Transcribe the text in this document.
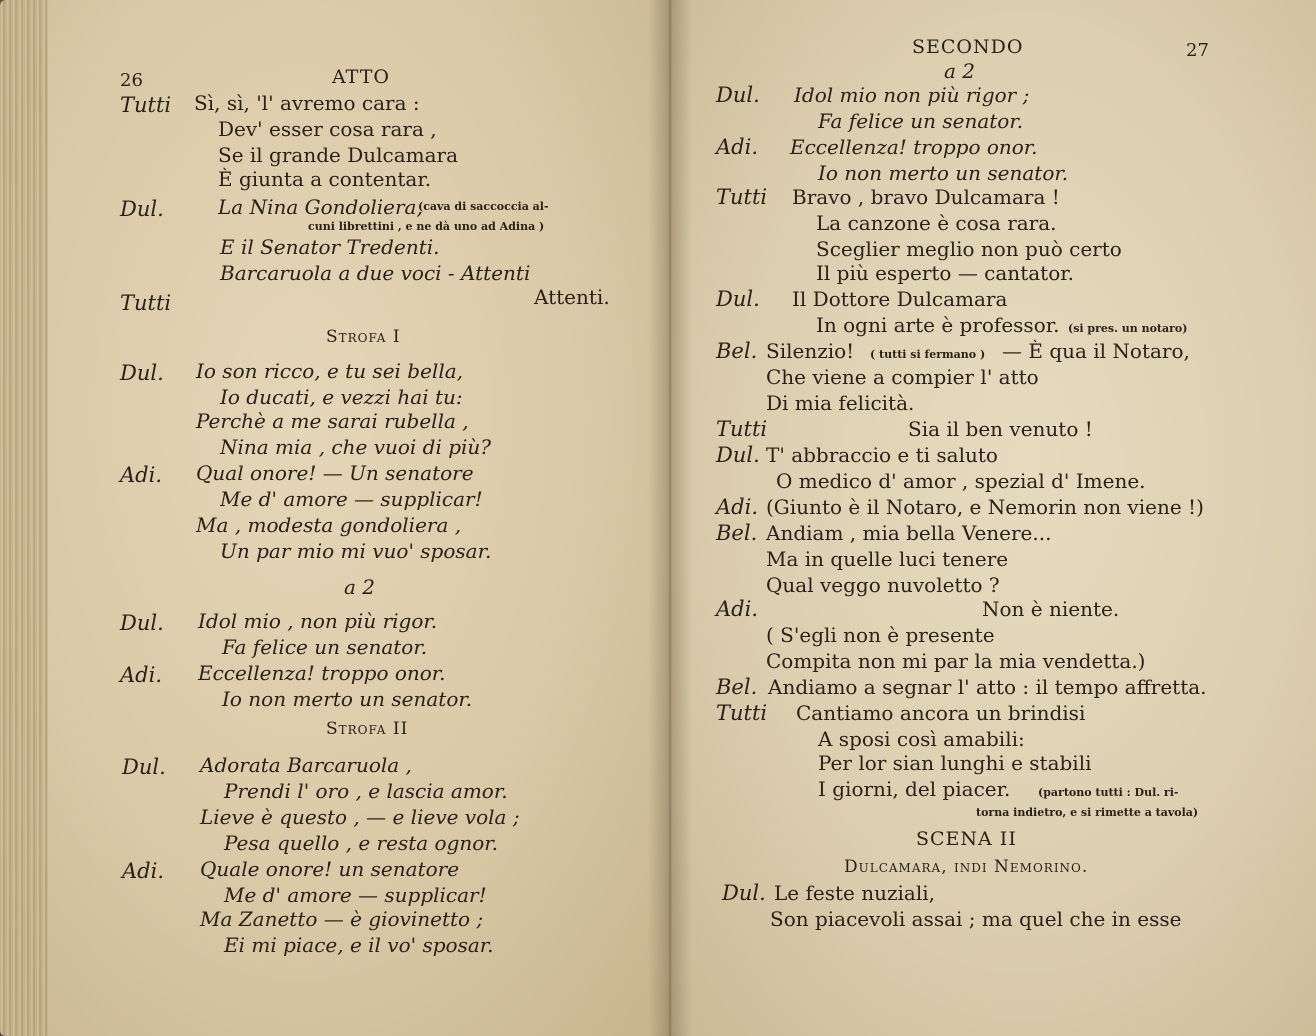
26	ATTO
Tutti Sì, sì, 'l' avremo cara :
Dev' esser cosa rara ,
Se il grande Dulcamara
È giunta a contentar.
Dul.	La Nina Gondoliera,
(cava di saccoccia al-
cuni librettini , e ne dà uno ad Adina )
E il Senator Tredenti.
Barcaruola a due voci - Attenti
Tutti	Attenti.
Strofa I
Dul. Io son ricco, e tu sei bella,
Io ducati, e vezzi hai tu:
Perchè a me sarai rubella ,
Nina mia , che vuoi di più?
Adi. Qual onore! — Un senatore
Me d' amore — supplicar!
Ma , modesta gondoliera ,
Un par mio mi vuo' sposar.
a 2
Dul. Idol mio , non più rigor.
Fa felice un senator.
Adi. Eccellenza! troppo onor.
Io non merto un senator.
Strofa II
Dul. Adorata Barcaruola ,
Prendi l' oro , e lascia amor.
Lieve è questo , — e lieve vola ;
Pesa quello , e resta ognor.
Adi. Quale onore! un senatore
Me d' amore — supplicar!
Ma Zanetto — è giovinetto ;
Ei mi piace, e il vo' sposar.
SECONDO	27
a 2
Dul. Idol mio non più rigor ;
Fa felice un senator.
Adi. Eccellenza! troppo onor.
Io non merto un senator.
Tutti Bravo , bravo Dulcamara !
La canzone è cosa rara.
Sceglier meglio non può certo
Il più esperto — cantator.
Dul. Il Dottore Dulcamara
In ogni arte è professor. (si pres. un notaro)
Bel. Silenzio! ( tutti si fermano ) — È qua il Notaro,
Che viene a compier l' atto
Di mia felicità.
Tutti	Sia il ben venuto !
Dul. T' abbraccio e ti saluto
O medico d' amor , spezial d' Imene.
Adi. (Giunto è il Notaro, e Nemorin non viene !)
Bel. Andiam , mia bella Venere...
Ma in quelle luci tenere
Qual veggo nuvoletto ?
Adi.	Non è niente.
( S'egli non è presente
Compita non mi par la mia vendetta.)
Bel. Andiamo a segnar l' atto : il tempo affretta.
Tutti Cantiamo ancora un brindisi
A sposi così amabili:
Per lor sian lunghi e stabili
I giorni, del piacer.	(partono tutti : Dul. ri-
torna indietro, e si rimette a tavola)
SCENA II
Dulcamara, indi Nemorino.
Dul. Le feste nuziali,
Son piacevoli assai ; ma quel che in esse
